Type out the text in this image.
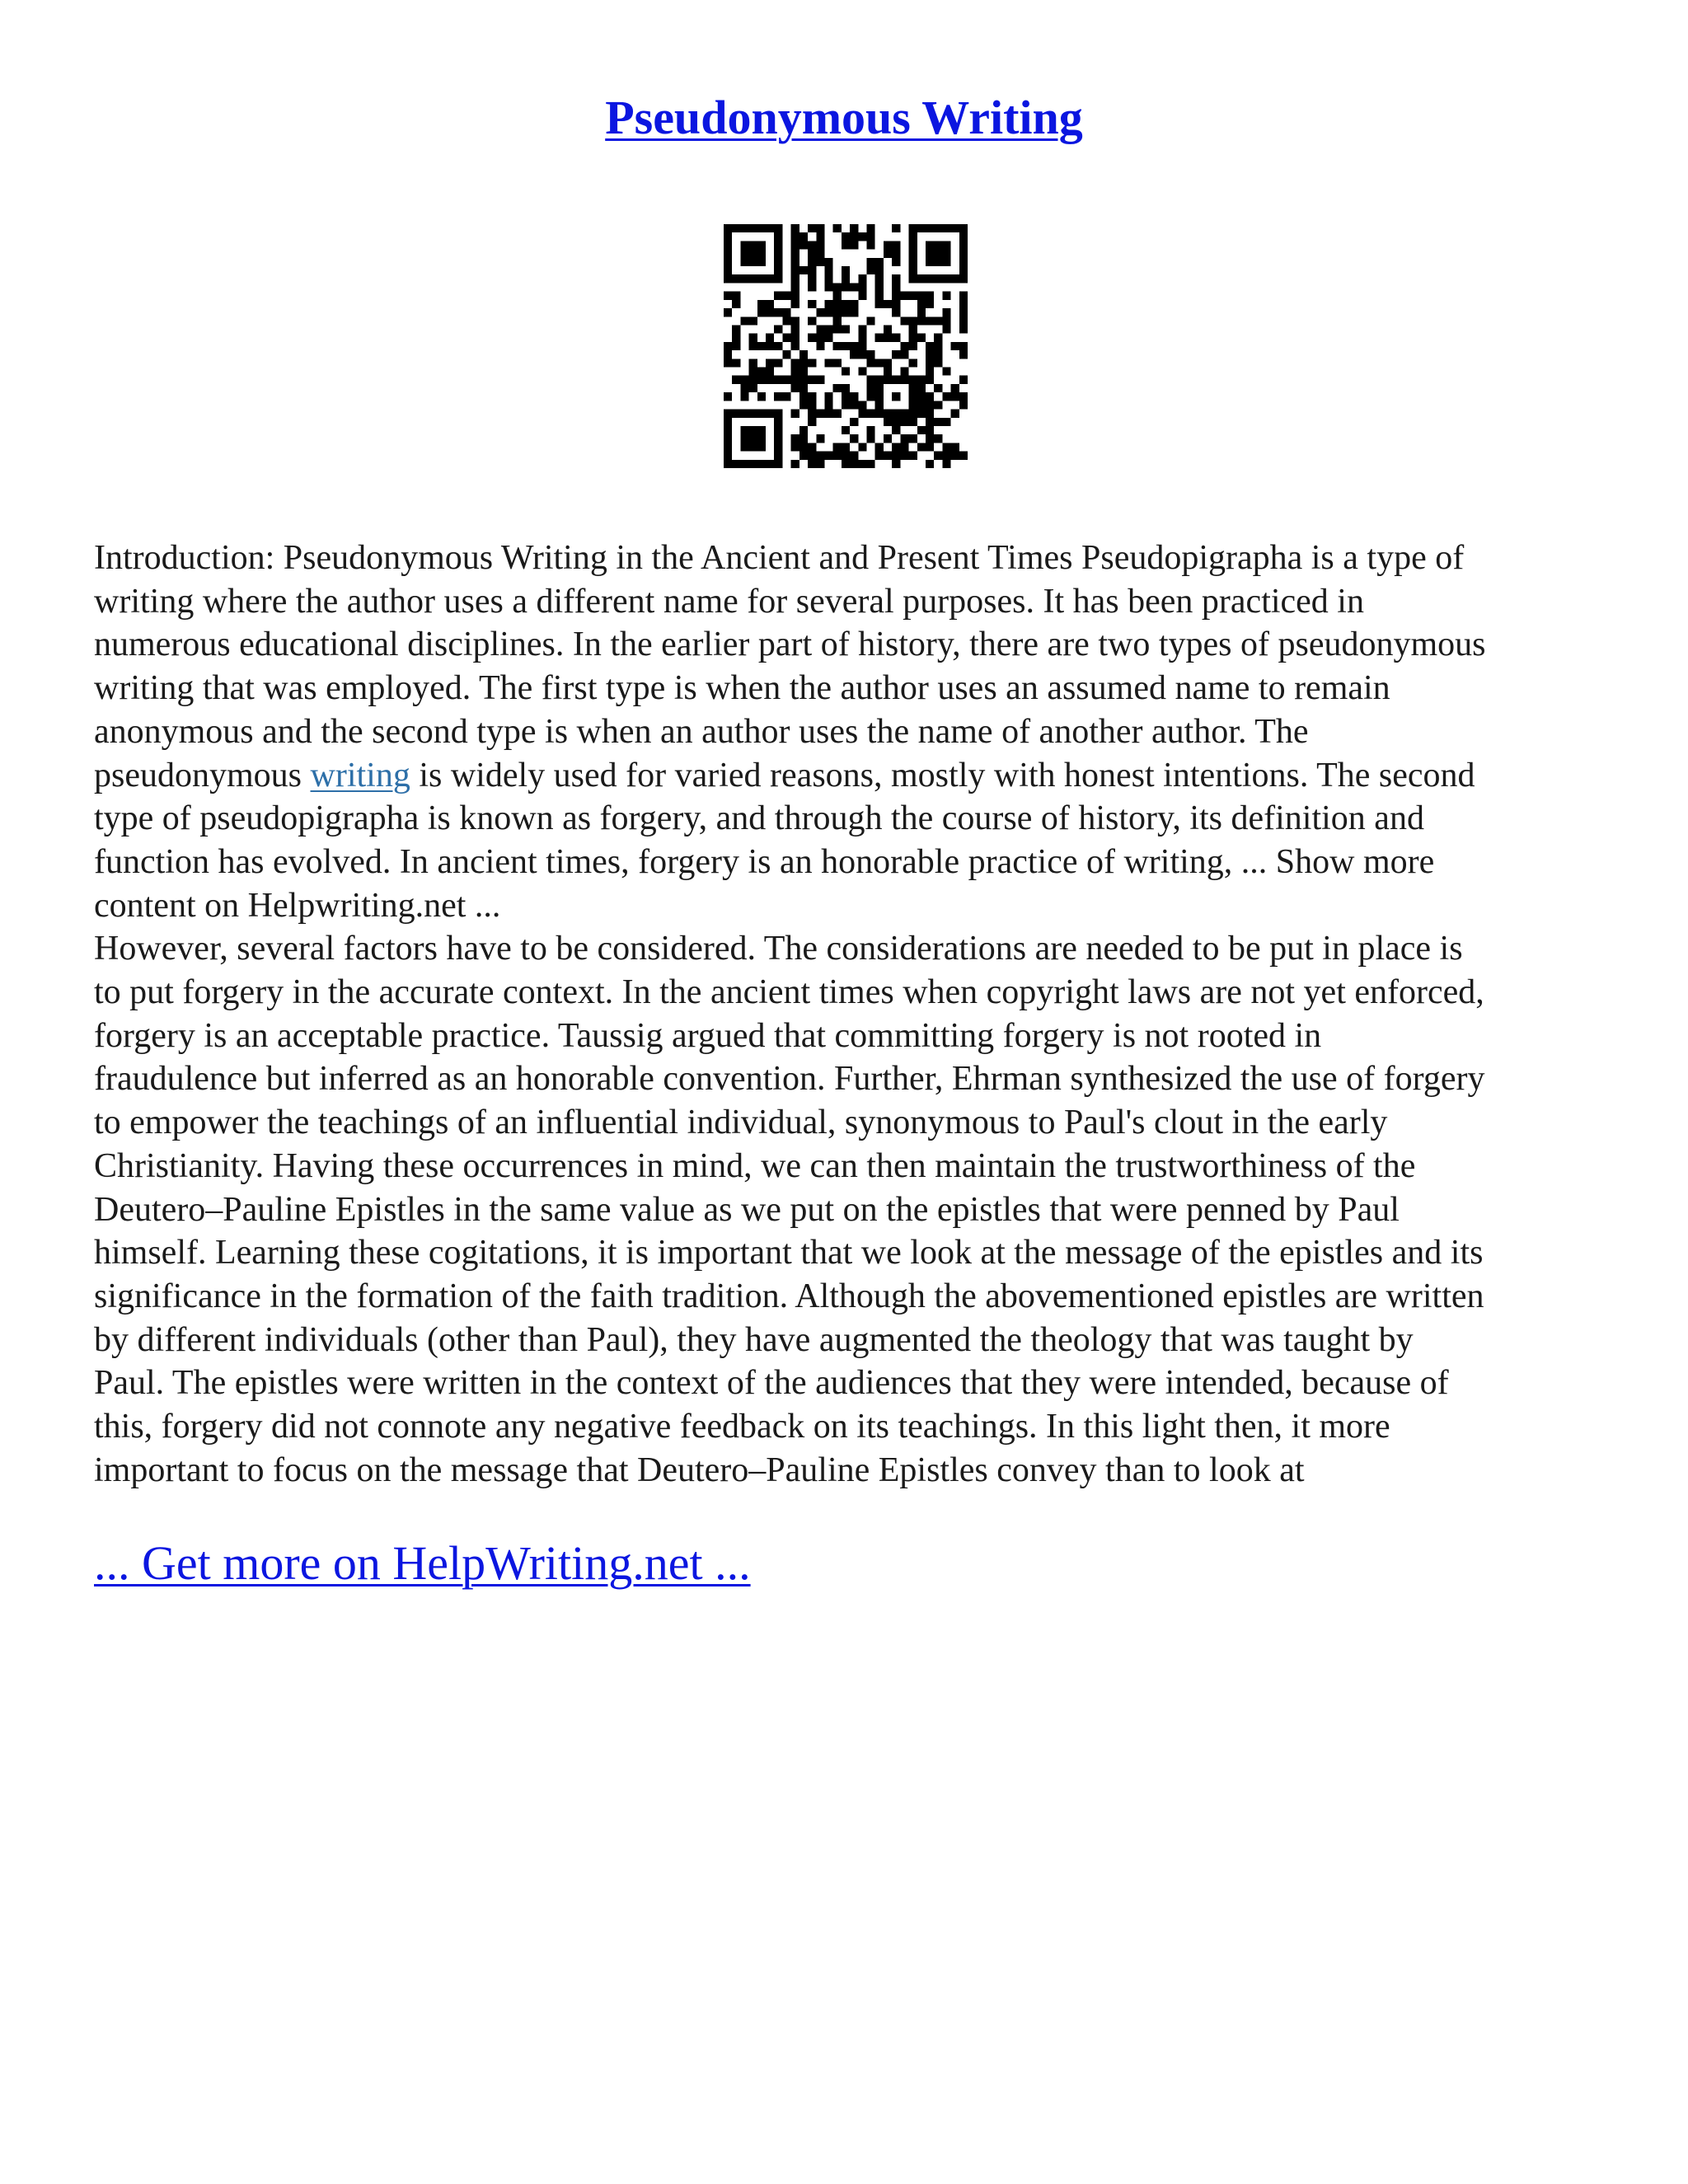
Pseudonymous Writing
Introduction: Pseudonymous Writing in the Ancient and Present Times Pseudopigrapha is a type of
writing where the author uses a different name for several purposes. It has been practiced in
numerous educational disciplines. In the earlier part of history, there are two types of pseudonymous
writing that was employed. The first type is when the author uses an assumed name to remain
anonymous and the second type is when an author uses the name of another author. The
pseudonymous writing is widely used for varied reasons, mostly with honest intentions. The second
type of pseudopigrapha is known as forgery, and through the course of history, its definition and
function has evolved. In ancient times, forgery is an honorable practice of writing, ... Show more
content on Helpwriting.net ...
However, several factors have to be considered. The considerations are needed to be put in place is
to put forgery in the accurate context. In the ancient times when copyright laws are not yet enforced,
forgery is an acceptable practice. Taussig argued that committing forgery is not rooted in
fraudulence but inferred as an honorable convention. Further, Ehrman synthesized the use of forgery
to empower the teachings of an influential individual, synonymous to Paul's clout in the early
Christianity. Having these occurrences in mind, we can then maintain the trustworthiness of the
Deutero–Pauline Epistles in the same value as we put on the epistles that were penned by Paul
himself. Learning these cogitations, it is important that we look at the message of the epistles and its
significance in the formation of the faith tradition. Although the abovementioned epistles are written
by different individuals (other than Paul), they have augmented the theology that was taught by
Paul. The epistles were written in the context of the audiences that they were intended, because of
this, forgery did not connote any negative feedback on its teachings. In this light then, it more
important to focus on the message that Deutero–Pauline Epistles convey than to look at

... Get more on HelpWriting.net ...
